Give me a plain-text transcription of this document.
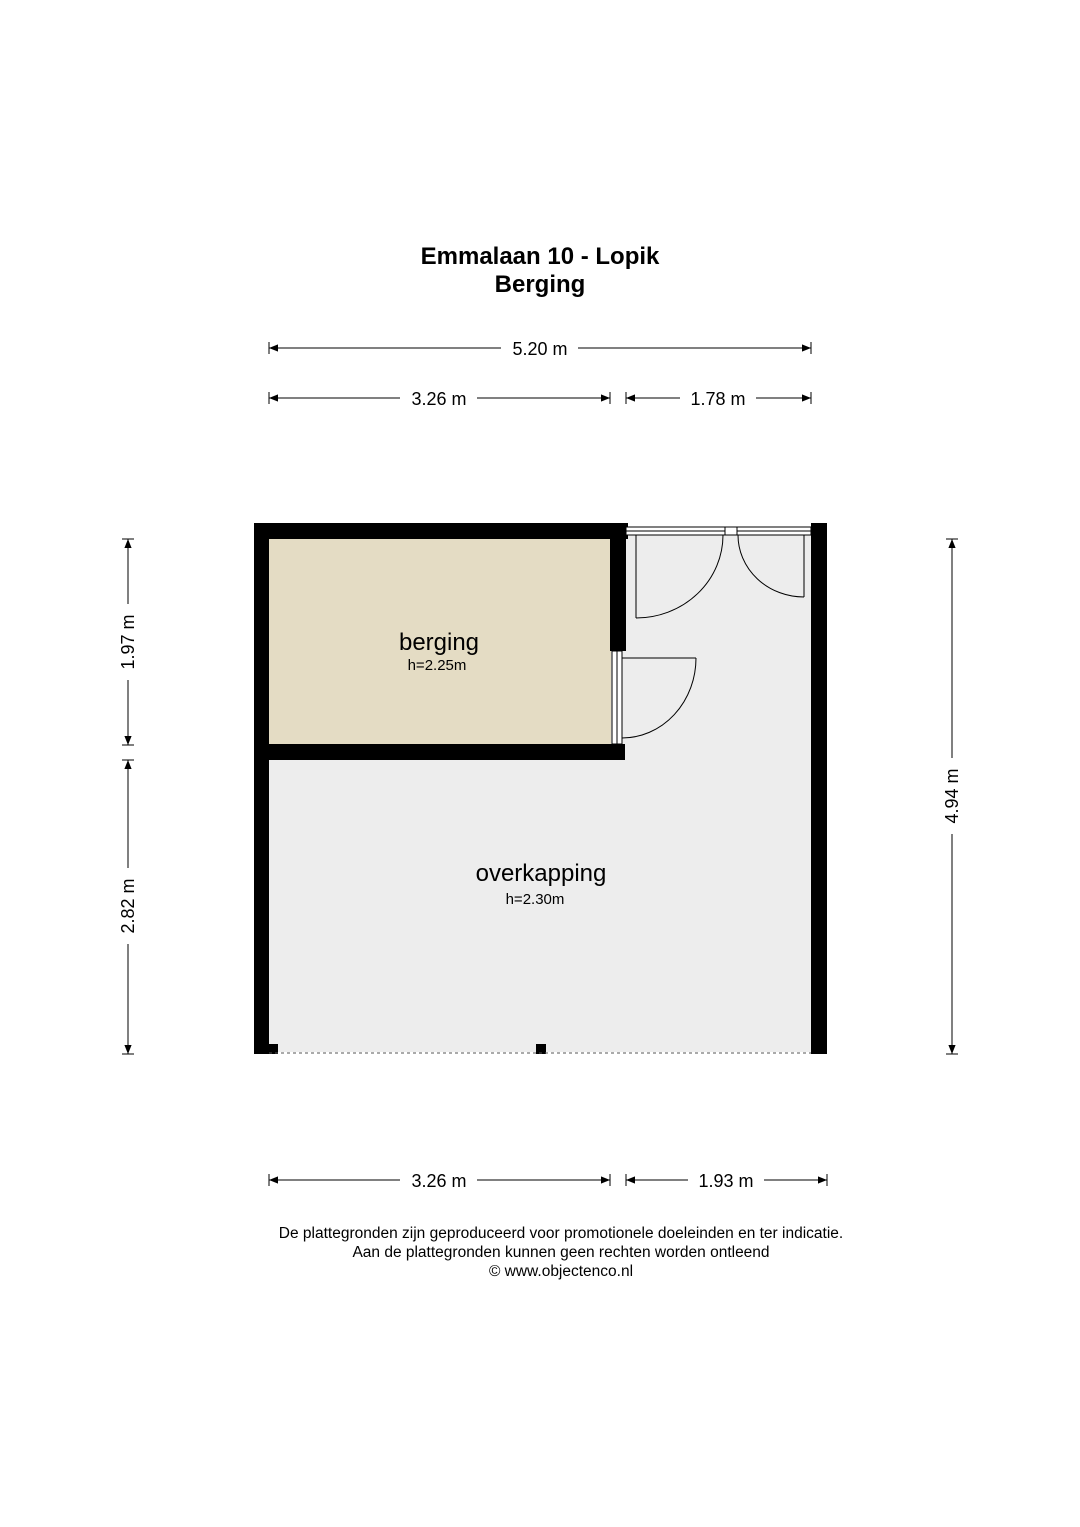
Emmalaan 10 - Lopik
Berging
berging
h=2.25m
overkapping
h=2.30m
5.20 m
3.26 m	1.78 m
3.26 m	1.93 m
1.97 m
2.82 m
4.94 m
De plattegronden zijn geproduceerd voor promotionele doeleinden en ter indicatie.
Aan de plattegronden kunnen geen rechten worden ontleend
© www.objectenco.nl
